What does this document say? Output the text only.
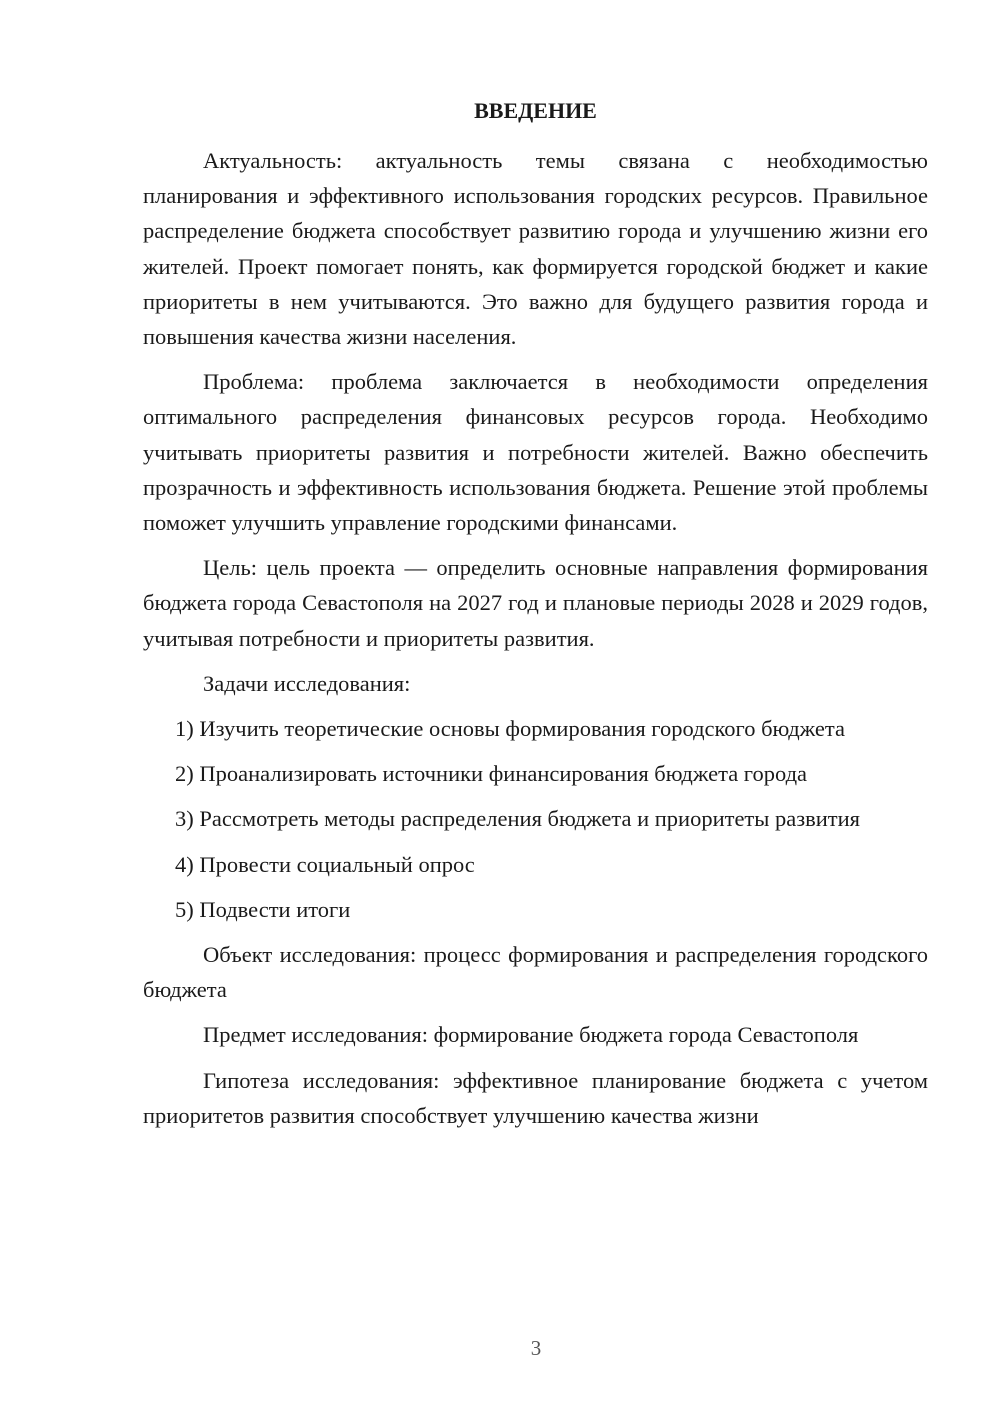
ВВЕДЕНИЕ

Актуальность: актуальность темы связана с необходимостью планирования и эффективного использования городских ресурсов. Правильное распределение бюджета способствует развитию города и улучшению жизни его жителей. Проект помогает понять, как формируется городской бюджет и какие приоритеты в нем учитываются. Это важно для будущего развития города и повышения качества жизни населения.

Проблема: проблема заключается в необходимости определения оптимального распределения финансовых ресурсов города. Необходимо учитывать приоритеты развития и потребности жителей. Важно обеспечить прозрачность и эффективность использования бюджета. Решение этой проблемы поможет улучшить управление городскими финансами.

Цель: цель проекта — определить основные направления формирования бюджета города Севастополя на 2027 год и плановые периоды 2028 и 2029 годов, учитывая потребности и приоритеты развития.

Задачи исследования:

1) Изучить теоретические основы формирования городского бюджета

2) Проанализировать источники финансирования бюджета города

3) Рассмотреть методы распределения бюджета и приоритеты развития

4) Провести социальный опрос

5) Подвести итоги

Объект исследования: процесс формирования и распределения городского бюджета

Предмет исследования: формирование бюджета города Севастополя

Гипотеза исследования: эффективное планирование бюджета с учетом приоритетов развития способствует улучшению качества жизни

3
